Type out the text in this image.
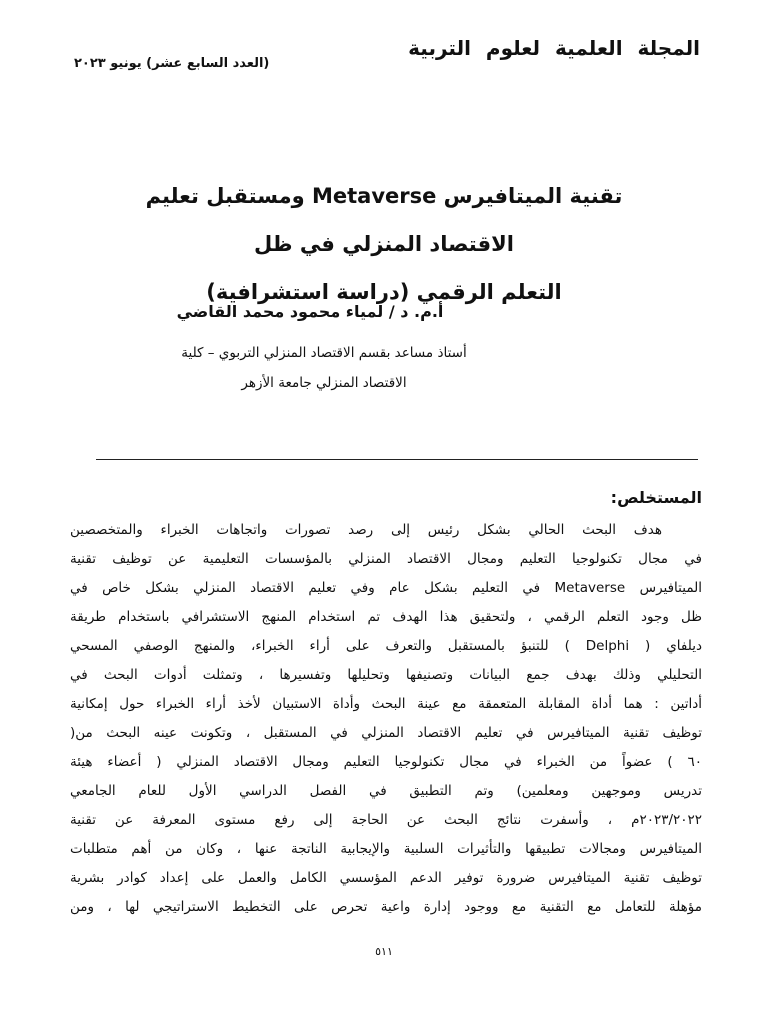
المجلة العلمية لعلوم التربية
(العدد السابع عشر) يونيو ٢٠٢٣
تقنية الميتافيرس Metaverse ومستقبل تعليم الاقتصاد المنزلي في ظل
التعلم الرقمي (دراسة استشرافية)
أ.م. د / لمياء محمود محمد القاضي
أستاذ مساعد بقسم الاقتصاد المنزلي التربوي – كلية
الاقتصاد المنزلي جامعة الأزهر
المستخلص:
هدف البحث الحالي بشكل رئيس إلى رصد تصورات واتجاهات الخبراء والمتخصصين
في مجال تكنولوجيا التعليم ومجال الاقتصاد المنزلي بالمؤسسات التعليمية عن توظيف تقنية
الميتافيرس Metaverse في التعليم بشكل عام وفي تعليم الاقتصاد المنزلي بشكل خاص في
ظل وجود التعلم الرقمي ، ولتحقيق هذا الهدف تم استخدام المنهج الاستشرافي باستخدام طريقة
ديلفاي ( Delphi ) للتنبؤ بالمستقبل والتعرف على أراء الخبراء، والمنهج الوصفي المسحي
التحليلي وذلك بهدف جمع البيانات وتصنيفها وتحليلها وتفسيرها ، وتمثلت أدوات البحث في
أداتين : هما أداة المقابلة المتعمقة مع عينة البحث وأداة الاستبيان لأخذ أراء الخبراء حول إمكانية
توظيف تقنية الميتافيرس في تعليم الاقتصاد المنزلي في المستقبل ، وتكونت عينه البحث من(
٦٠ ) عضواً من الخبراء في مجال تكنولوجيا التعليم ومجال الاقتصاد المنزلي ( أعضاء هيئة
تدريس وموجهين ومعلمين) وتم التطبيق في الفصل الدراسي الأول للعام الجامعي
٢٠٢٣/٢٠٢٢م ، وأسفرت نتائج البحث عن الحاجة إلى رفع مستوى المعرفة عن تقنية
الميتافيرس ومجالات تطبيقها والتأثيرات السلبية والإيجابية الناتجة عنها ، وكان من أهم متطلبات
توظيف تقنية الميتافيرس ضرورة توفير الدعم المؤسسي الكامل والعمل على إعداد كوادر بشرية
مؤهلة للتعامل مع التقنية مع ووجود إدارة واعية تحرص على التخطيط الاستراتيجي لها ، ومن
٥١١
